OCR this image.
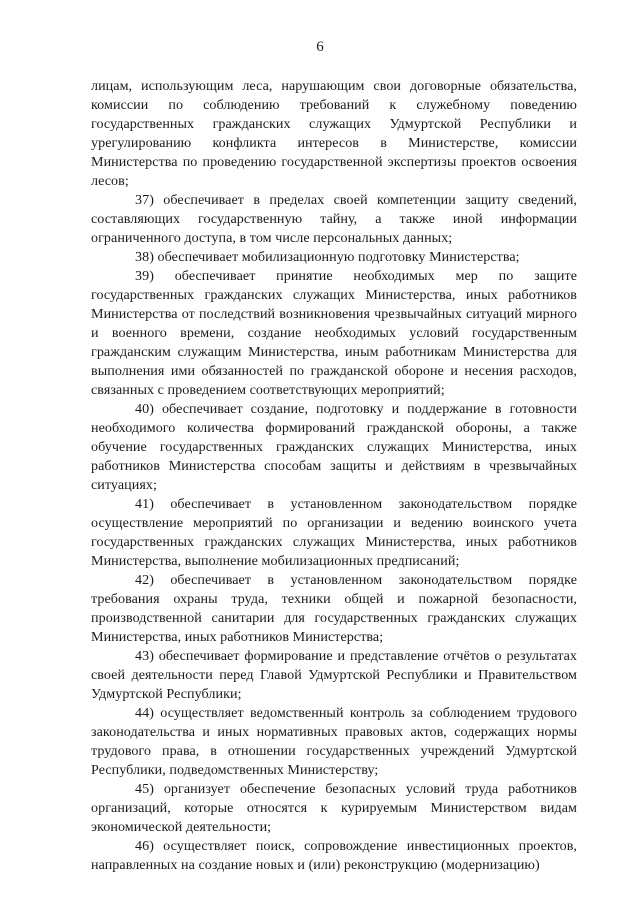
6

лицам, использующим леса, нарушающим свои договорные обязательства, комиссии по соблюдению требований к служебному поведению государственных гражданских служащих Удмуртской Республики и урегулированию конфликта интересов в Министерстве, комиссии Министерства по проведению государственной экспертизы проектов освоения лесов;

37) обеспечивает в пределах своей компетенции защиту сведений, составляющих государственную тайну, а также иной информации ограниченного доступа, в том числе персональных данных;

38) обеспечивает мобилизационную подготовку Министерства;

39) обеспечивает принятие необходимых мер по защите государственных гражданских служащих Министерства, иных работников Министерства от последствий возникновения чрезвычайных ситуаций мирного и военного времени, создание необходимых условий государственным гражданским служащим Министерства, иным работникам Министерства для выполнения ими обязанностей по гражданской обороне и несения расходов, связанных с проведением соответствующих мероприятий;

40) обеспечивает создание, подготовку и поддержание в готовности необходимого количества формирований гражданской обороны, а также обучение государственных гражданских служащих Министерства, иных работников Министерства способам защиты и действиям в чрезвычайных ситуациях;

41) обеспечивает в установленном законодательством порядке осуществление мероприятий по организации и ведению воинского учета государственных гражданских служащих Министерства, иных работников Министерства, выполнение мобилизационных предписаний;

42) обеспечивает в установленном законодательством порядке требования охраны труда, техники общей и пожарной безопасности, производственной санитарии для государственных гражданских служащих Министерства, иных работников Министерства;

43) обеспечивает формирование и представление отчётов о результатах своей деятельности перед Главой Удмуртской Республики и Правительством Удмуртской Республики;

44) осуществляет ведомственный контроль за соблюдением трудового законодательства и иных нормативных правовых актов, содержащих нормы трудового права, в отношении государственных учреждений Удмуртской Республики, подведомственных Министерству;

45) организует обеспечение безопасных условий труда работников организаций, которые относятся к курируемым Министерством видам экономической деятельности;

46) осуществляет поиск, сопровождение инвестиционных проектов, направленных на создание новых и (или) реконструкцию (модернизацию)
